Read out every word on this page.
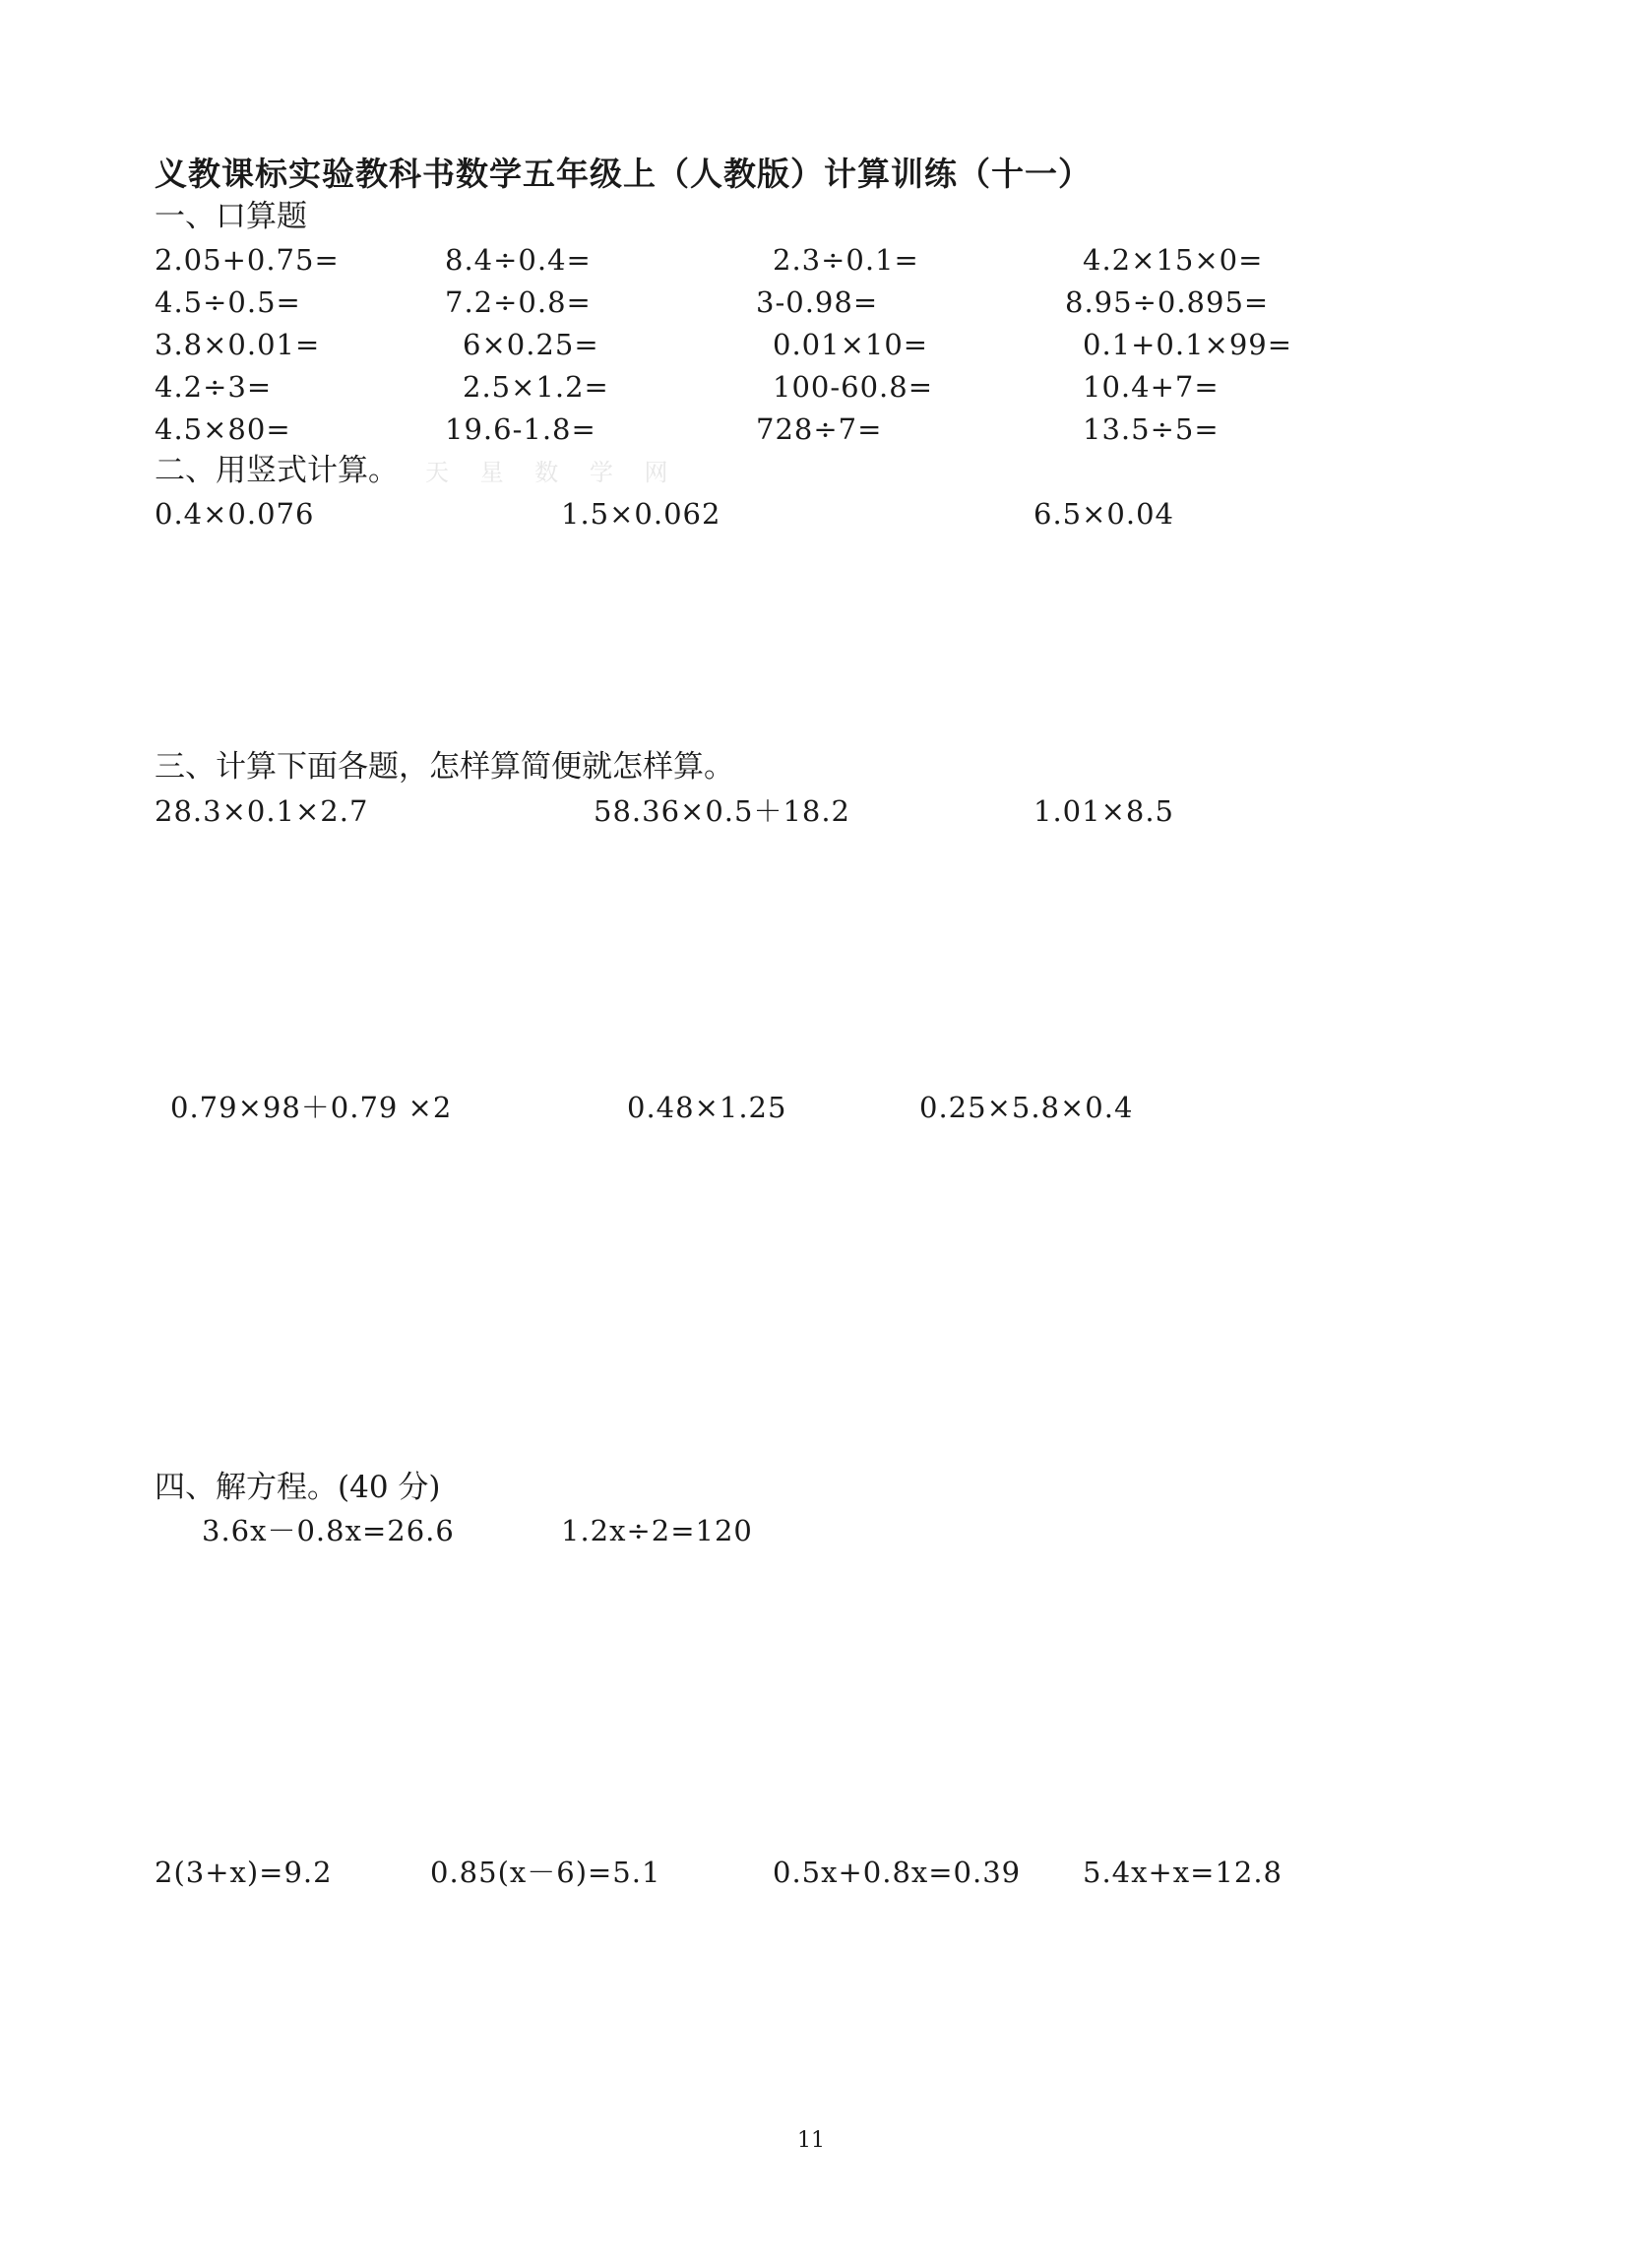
义教课标实验教科书数学五年级上（人教版）计算训练（十一）
一、口算题
2.05+0.75=	8.4÷0.4=	2.3÷0.1=	4.2×15×0=
4.5÷0.5=	7.2÷0.8=	3-0.98=	8.95÷0.895=
3.8×0.01=	6×0.25=	0.01×10=	0.1+0.1×99=
4.2÷3=	2.5×1.2=	100-60.8=	10.4+7=
4.5×80=	19.6-1.8=	728÷7=	13.5÷5=
二、用竖式计算。 天 星 数 学 网
0.4×0.076	1.5×0.062	6.5×0.04
三、计算下面各题，怎样算简便就怎样算。
28.3×0.1×2.7	58.36×0.5＋18.2	1.01×8.5
0.79×98＋0.79 ×2	0.48×1.25	0.25×5.8×0.4
四、解方程。(40 分)
3.6x－0.8x=26.6	1.2x÷2=120
2(3+x)=9.2	0.85(x－6)=5.1	0.5x+0.8x=0.39 5.4x+x=12.8
11
